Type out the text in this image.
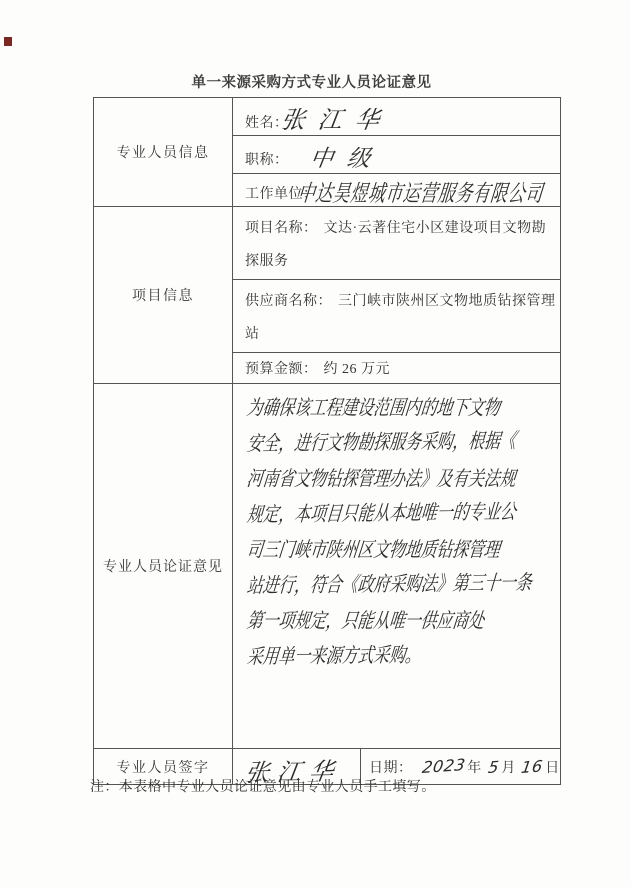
单一来源采购方式专业人员论证意见
专业人员信息	姓名：张江华	
	职称： 中级	
	工作单位：中达昊煜城市运营服务有限公司	
项目信息	项目名称： 文达·云著住宅小区建设项目文物勘探服务	
	供应商名称： 三门峡市陕州区文物地质钻探管理站	
	预算金额： 约 26 万元	
专业人员论证意见	
为确保该工程建设范围内的地下文物
安全，进行文物勘探服务采购，根据《
河南省文物钻探管理办法》及有关法规
规定，本项目只能从本地唯一的专业公
司三门峡市陕州区文物地质钻探管理
站进行，符合《政府采购法》第三十一条
第一项规定，只能从唯一供应商处
采用单一来源方式采购。

专业人员签字	张江华	日期： 2023年 5月 16日
注：本表格中专业人员论证意见由专业人员手工填写。
